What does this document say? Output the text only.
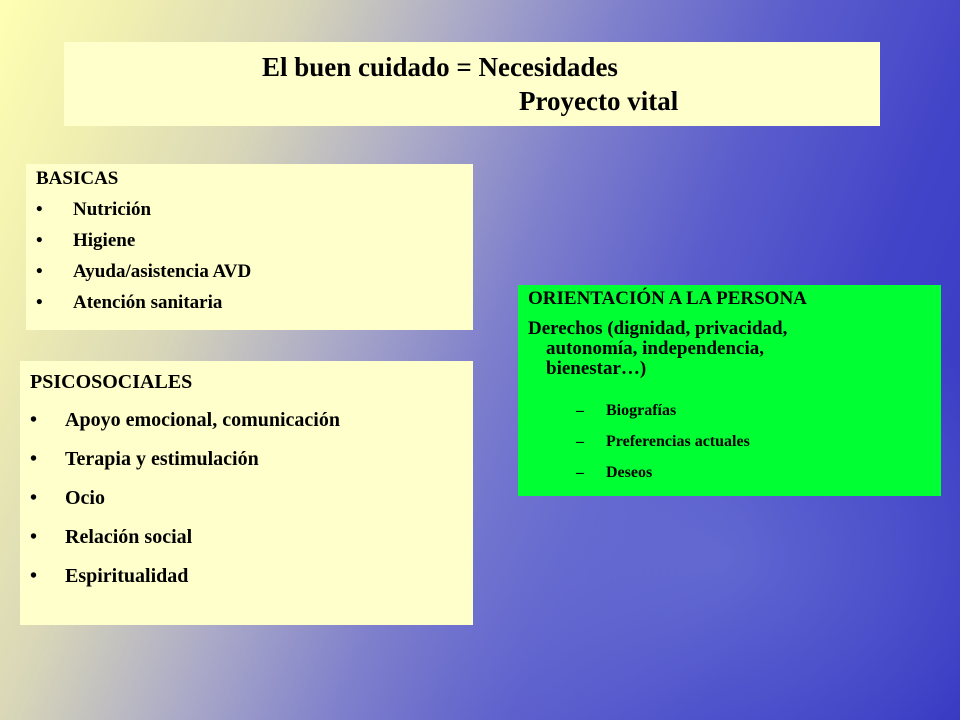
El buen cuidado = Necesidades
Proyecto vital
BASICAS
• Nutrición
• Higiene
• Ayuda/asistencia AVD
• Atención sanitaria
PSICOSOCIALES
• Apoyo emocional, comunicación
• Terapia y estimulación
• Ocio
• Relación social
• Espiritualidad
ORIENTACIÓN A LA PERSONA
Derechos (dignidad, privacidad,
autonomía, independencia,
bienestar…)
– Biografías
– Preferencias actuales
– Deseos
